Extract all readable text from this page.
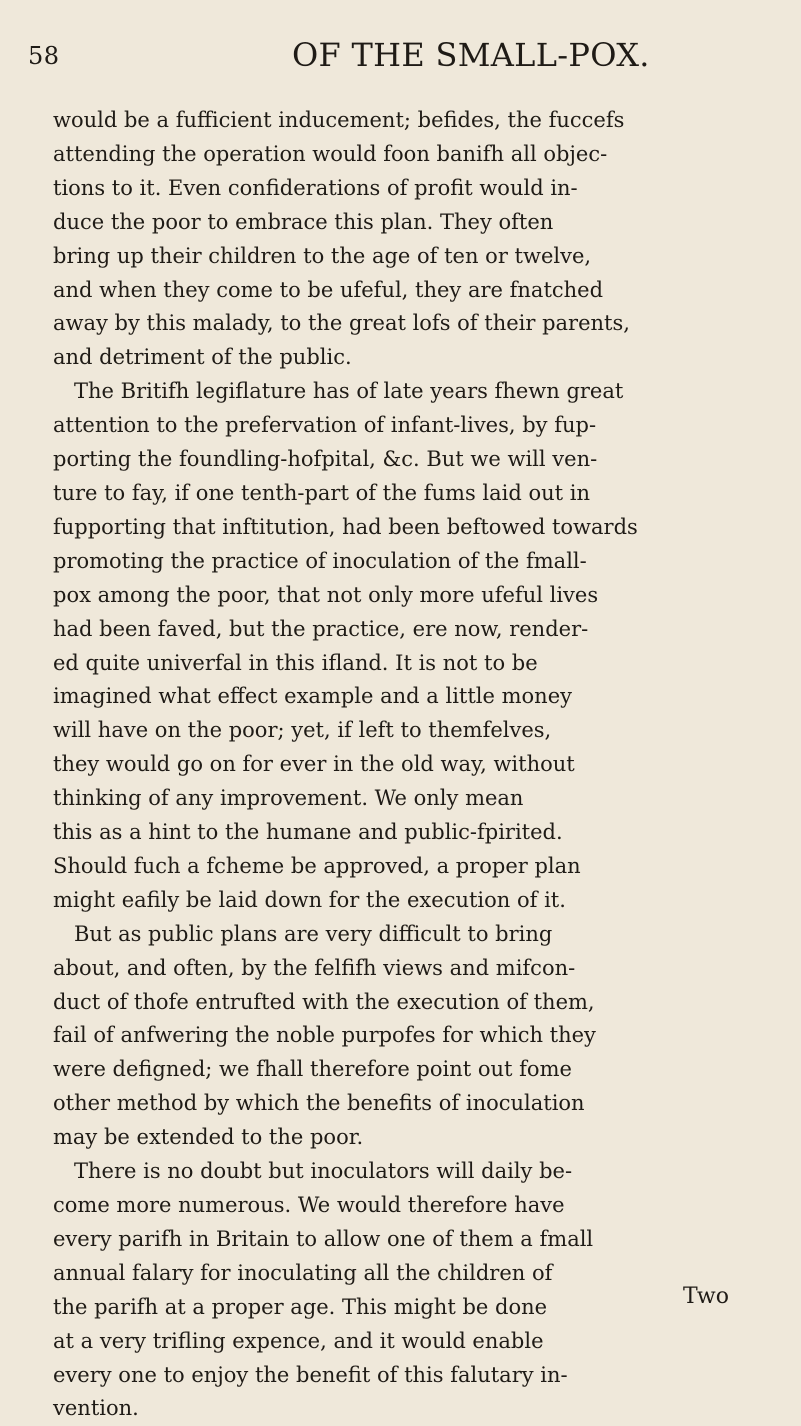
58	OF THE SMALL-POX.
would be a fufficient inducement; befides, the fuccefs
attending the operation would foon banifh all objec-
tions to it. Even confiderations of profit would in-
duce the poor to embrace this plan. They often
bring up their children to the age of ten or twelve,
and when they come to be ufeful, they are fnatched
away by this malady, to the great lofs of their parents,
and detriment of the public.
The Britifh legiflature has of late years fhewn great
attention to the prefervation of infant-lives, by fup-
porting the foundling-hofpital, &c. But we will ven-
ture to fay, if one tenth-part of the fums laid out in
fupporting that inftitution, had been beftowed towards
promoting the practice of inoculation of the fmall-
pox among the poor, that not only more ufeful lives
had been faved, but the practice, ere now, render-
ed quite univerfal in this ifland. It is not to be
imagined what effect example and a little money
will have on the poor; yet, if left to themfelves,
they would go on for ever in the old way, without
thinking of any improvement. We only mean
this as a hint to the humane and public-fpirited.
Should fuch a fcheme be approved, a proper plan
might eafily be laid down for the execution of it.
But as public plans are very difficult to bring
about, and often, by the felfifh views and mifcon-
duct of thofe entrufted with the execution of them,
fail of anfwering the noble purpofes for which they
were defigned; we fhall therefore point out fome
other method by which the benefits of inoculation
may be extended to the poor.
There is no doubt but inoculators will daily be-
come more numerous. We would therefore have
every parifh in Britain to allow one of them a fmall
annual falary for inoculating all the children of
the parifh at a proper age. This might be done
at a very trifling expence, and it would enable
every one to enjoy the benefit of this falutary in-
vention.
Two
